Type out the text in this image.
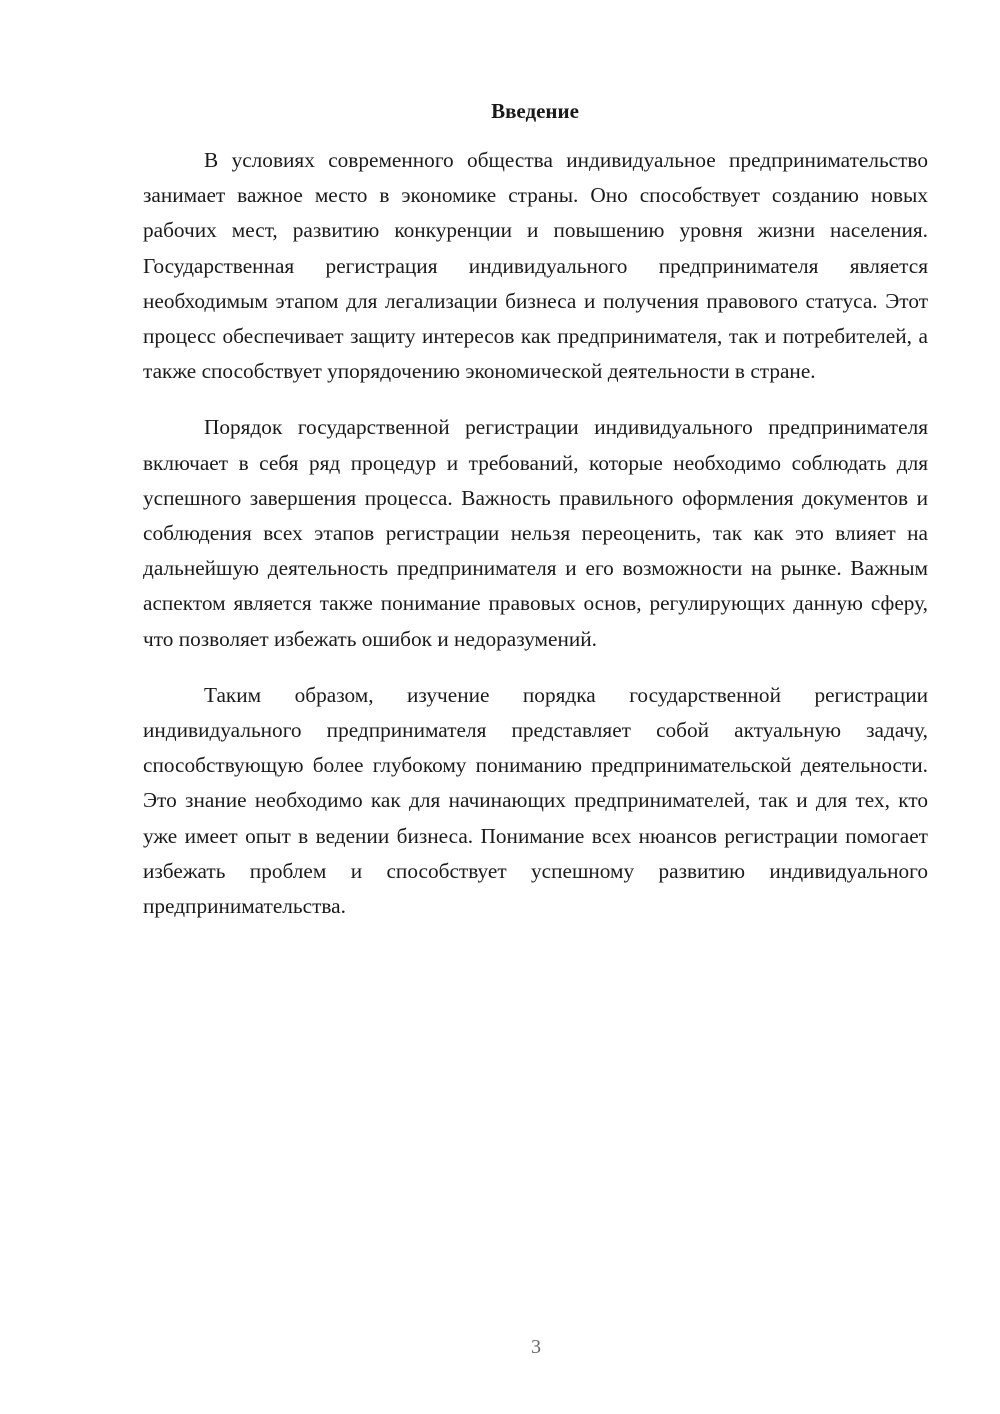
Введение

В условиях современного общества индивидуальное предпринимательство занимает важное место в экономике страны. Оно способствует созданию новых рабочих мест, развитию конкуренции и повышению уровня жизни населения. Государственная регистрация индивидуального предпринимателя является необходимым этапом для легализации бизнеса и получения правового статуса. Этот процесс обеспечивает защиту интересов как предпринимателя, так и потребителей, а также способствует упорядочению экономической деятельности в стране.

Порядок государственной регистрации индивидуального предпринимателя включает в себя ряд процедур и требований, которые необходимо соблюдать для успешного завершения процесса. Важность правильного оформления документов и соблюдения всех этапов регистрации нельзя переоценить, так как это влияет на дальнейшую деятельность предпринимателя и его возможности на рынке. Важным аспектом является также понимание правовых основ, регулирующих данную сферу, что позволяет избежать ошибок и недоразумений.

Таким образом, изучение порядка государственной регистрации индивидуального предпринимателя представляет собой актуальную задачу, способствующую более глубокому пониманию предпринимательской деятельности. Это знание необходимо как для начинающих предпринимателей, так и для тех, кто уже имеет опыт в ведении бизнеса. Понимание всех нюансов регистрации помогает избежать проблем и способствует успешному развитию индивидуального предпринимательства.

3
